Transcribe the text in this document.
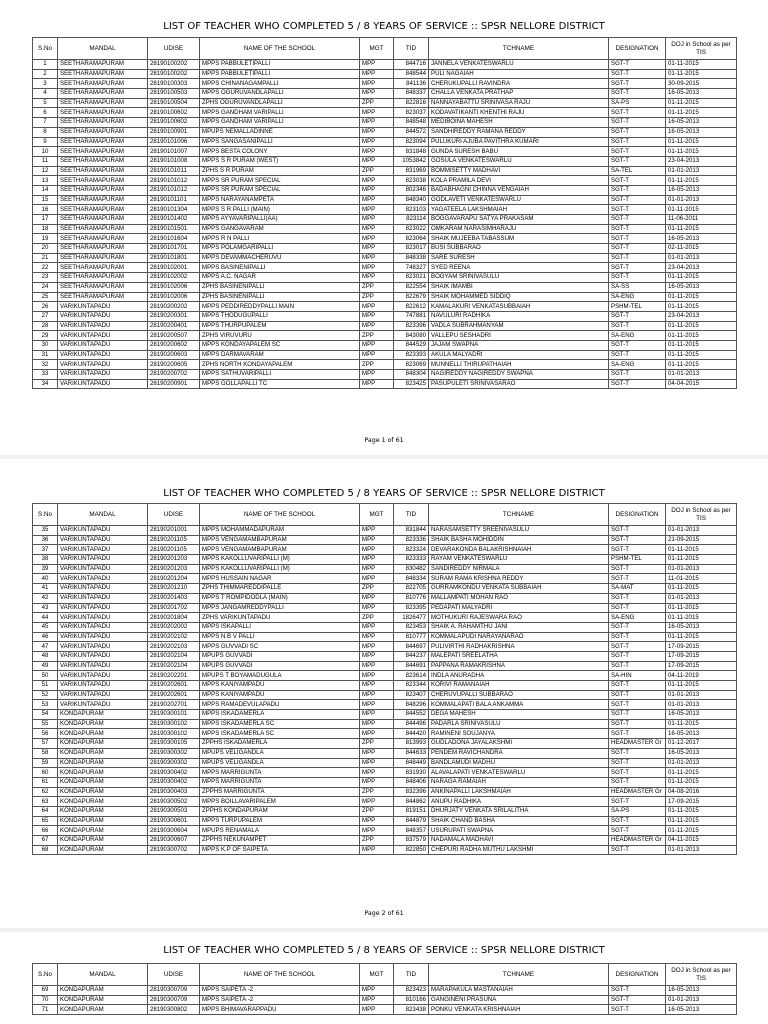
LIST OF TEACHER WHO COMPLETED 5 / 8 YEARS OF SERVICE :: SPSR NELLORE DISTRICT
S.No	MANDAL	UDISE	NAME OF THE SCHOOL	MGT	TID	TCHNAME	DESIGNATION	DOJ in School as per TIS
1	SEETHARAMAPURAM	28190100202	MPPS PABBULETIPALLI	MPP	844716	JANNELA VENKATESWARLU	SGT-T	01-11-2015
2	SEETHARAMAPURAM	28190100202	MPPS PABBULETIPALLI	MPP	848544	PULI NAGAIAH	SGT-T	01-11-2015
3	SEETHARAMAPURAM	28190100303	MPPS CHINANAGAMPALLI	MPP	841136	CHERUKUPALLI RAVINDRA	SGT-T	30-09-2015
4	SEETHARAMAPURAM	28190100503	MPPS OGURUVANDLAPALLI	MPP	848337	CHALLA VENKATA PRATHAP	SGT-T	16-05-2013
5	SEETHARAMAPURAM	28190100504	ZPHS OGURUVANDLAPALLI	ZPP	822816	NANNAYABATTU SRINIVASA RAJU	SA-PS	01-11-2015
6	SEETHARAMAPURAM	28190100602	MPPS GANDHAM VARIPALLI	MPP	823037	KODAVATIKANTI KHENTHI RAJU	SGT-T	01-11-2015
7	SEETHARAMAPURAM	28190100602	MPPS GANDHAM VARIPALLI	MPP	848548	MEDIBOINA MAHESH	SGT-T	16-05-2013
8	SEETHARAMAPURAM	28190100901	MPUPS NEMALLADINNE	MPP	844572	SANDHIREDDY RAMANA REDDY	SGT-T	16-05-2013
9	SEETHARAMAPURAM	28190101006	MPPS SANGASANIPALLI	MPP	823094	PULUKURI AJUBA PAVITHRA KUMARI	SGT-T	01-11-2015
10	SEETHARAMAPURAM	28190101007	MPPS BESTA COLONY	MPP	831848	GUNDA SURESH BABU	SGT-T	01-11-2015
11	SEETHARAMAPURAM	28190101008	MPPS S R PURAM (WEST)	MPP	1053842	GOSULA VENKATESWARLU	SGT-T	23-04-2013
12	SEETHARAMAPURAM	28190101011	ZPHS S R PURAM	ZPP	831969	BOMMISETTY MADHAVI	SA-TEL	01-01-2013
13	SEETHARAMAPURAM	28190101012	MPPS SR PURAM SPECIAL	MPP	823038	KOLA PRAMILA DEVI	SGT-T	01-11-2015
14	SEETHARAMAPURAM	28190101012	MPPS SR PURAM SPECIAL	MPP	802346	BADABHAGNI CHINNA VENGAIAH	SGT-T	16-05-2013
15	SEETHARAMAPURAM	28190101101	MPPS NARAYANAMPETA	MPP	848340	GODLAVETI VENKATESWARLU	SGT-T	01-01-2013
16	SEETHARAMAPURAM	28190101304	MPPS S R PALLI (MAIN)	MPP	823103	YAGATEELA LAKSHMAIAH	SGT-T	01-11-2015
17	SEETHARAMAPURAM	28190101402	MPPS AYYAVARIPALLI(AA)	MPP	823114	BOGGAVARAPU SATYA PRAKASAM	SGT-T	11-06-2011
18	SEETHARAMAPURAM	28190101501	MPPS GANGAVARAM	MPP	823022	OMKARAM NARASIMHARAJU	SGT-T	01-11-2015
19	SEETHARAMAPURAM	28190101604	MPPS R N PALLI	MPP	823064	SHAIK MUJEEBA TABASSUM	SGT-T	16-05-2013
20	SEETHARAMAPURAM	28190101701	MPPS POLAMGARIPALLI	MPP	823017	BUSI SUBBARAO	SGT-T	02-11-2015
21	SEETHARAMAPURAM	28190101801	MPPS DEVAMMACHERUVU	MPP	848338	SARE SURESH	SGT-T	01-01-2013
22	SEETHARAMAPURAM	28190102001	MPPS BASINENIPALLI	MPP	748327	SYED REENA	SGT-T	23-04-2013
23	SEETHARAMAPURAM	28190102002	MPPS A.C. NAGAR	MPP	823021	BOGYAM SRINIVASULU	SGT-T	01-11-2015
24	SEETHARAMAPURAM	28190102006	ZPHS BASINENIPALLI	ZPP	822554	SHAIK IMAMBI	SA-SS	16-05-2013
25	SEETHARAMAPURAM	28190102006	ZPHS BASINENIPALLI	ZPP	822679	SHAIK MOHAMMED SIDDIQ	SA-ENG	01-11-2015
26	VARIKUNTAPADU	28190200202	MPPS PEDDIREDDYPALLI MAIN	MPP	822612	KAMALAKURI VENKATASUBBAIAH	PSHM-TEL	01-11-2015
27	VARIKUNTAPADU	28190200301	MPPS THODUGUPALLI	MPP	747881	NAVULURI RADHIKA	SGT-T	23-04-2013
28	VARIKUNTAPADU	28190200401	MPPS THURPUPALEM	MPP	823396	VADLA SUBRAHMANYAM	SGT-T	01-11-2015
29	VARIKUNTAPADU	28190200507	ZPHS VIRUVURU	ZPP	843080	VALLEPU SESHADRI	SA-ENG	01-11-2015
30	VARIKUNTAPADU	28190200602	MPPS KONDAYAPALEM SC	MPP	844529	JAJAM SWAPNA	SGT-T	01-11-2015
31	VARIKUNTAPADU	28190200603	MPPS DARMAVARAM	MPP	823393	AKULA MALYADRI	SGT-T	01-11-2015
32	VARIKUNTAPADU	28190200605	ZPHS NORTH KONDAYAPALEM	ZPP	823069	MUNNELLI THIRUPATHAIAH	SA-ENG	01-11-2015
33	VARIKUNTAPADU	28190200702	MPPS SATHUVARIPALLI	MPP	848304	NAGIREDDY NAGIREDDY SWAPNA	SGT-T	01-01-2013
34	VARIKUNTAPADU	28190200901	MPPS GOLLAPALLI TC	MPP	823425	PASUPULETI SRINIVASARAO	SGT-T	04-04-2015
Page 1 of 61
LIST OF TEACHER WHO COMPLETED 5 / 8 YEARS OF SERVICE :: SPSR NELLORE DISTRICT
S.No	MANDAL	UDISE	NAME OF THE SCHOOL	MGT	TID	TCHNAME	DESIGNATION	DOJ in School as per TIS
35	VARIKUNTAPADU	28190201001	MPPS MOHAMMADAPURAM	MPP	831844	NARASAMSETTY SREENIVASULU	SGT-T	01-01-2013
36	VARIKUNTAPADU	28190201105	MPPS VENGAMAMBAPURAM	MPP	823336	SHAIK BASHA MOHIDDIN	SGT-T	21-09-2015
37	VARIKUNTAPADU	28190201105	MPPS VENGAMAMBAPURAM	MPP	823324	DEVARAKONDA BALAKRISHNAIAH	SGT-T	01-11-2015
38	VARIKUNTAPADU	28190201203	MPPS KAKOLLUVARIPALLI (M)	MPP	823333	RAYAM VENKATESWARLU	PSHM-TEL	01-11-2015
39	VARIKUNTAPADU	28190201203	MPPS KAKOLLUVARIPALLI (M)	MPP	830482	SANDIREDDY NIRMALA	SGT-T	01-01-2013
40	VARIKUNTAPADU	28190201204	MPPS HUSSAIN NAGAR	MPP	848334	SURAM RAMA KRISHNA REDDY	SGT-T	11-01-2015
41	VARIKUNTAPADU	28190201210	ZPHS THIMMAREDDIPALLE	ZPP	822705	GURRAMKONDU VENKATA SUBBAIAH	SA-MAT	01-11-2015
42	VARIKUNTAPADU	28190201403	MPPS T ROMPIDODLA (MAIN)	MPP	810776	MALLAMPATI MOHAN RAO	SGT-T	01-01-2013
43	VARIKUNTAPADU	28190201702	MPPS JANGAMREDDYPALLI	MPP	823395	PEDAPATI MALYADRI	SGT-T	01-11-2015
44	VARIKUNTAPADU	28190201804	ZPHS VARIKUNTAPADU	ZPP	1826477	MOTHUKURI RAJESWARA RAO	SA-ENG	01-11-2015
45	VARIKUNTAPADU	28190202002	MPPS ISKAPALLI	MPP	823453	SHAIK A. RAHAMTHU JANI	SGT-T	16-05-2013
46	VARIKUNTAPADU	28190202102	MPPS N B V PALLI	MPP	810777	KOMMALAPUDI NARAYANARAO	SGT-T	01-11-2015
47	VARIKUNTAPADU	28190202103	MPPS GUVVADI SC	MPP	844697	PULIVIRTHI RADHAKRISHNA	SGT-T	17-09-2015
48	VARIKUNTAPADU	28190202104	MPUPS GUVVADI	MPP	844237	MALEPATI SREELATHA	SGT-T	17-09-2015
49	VARIKUNTAPADU	28190202104	MPUPS GUVVADI	MPP	844691	PAPPANA RAMAKRISHNA	SGT-T	17-09-2015
50	VARIKUNTAPADU	28190202201	MPUPS T BOYAMADUGULA	MPP	823614	INDLA ANURADHA	SA-HIN	04-11-2019
51	VARIKUNTAPADU	28190202601	MPPS KANIYAMPADU	MPP	823344	KORIVI RAMANAIAH	SGT-T	01-11-2015
52	VARIKUNTAPADU	28190202601	MPPS KANIYAMPADU	MPP	823407	CHERUVUPALLI SUBBARAO	SGT-T	01-01-2013
53	VARIKUNTAPADU	28190202701	MPPS RAMADEVULAPADU	MPP	848296	KOMMALAPATI BALA ANKAMMA	SGT-T	01-01-2013
54	KONDAPURAM	28190300101	MPPS ISKADAMERLA	MPP	844552	DEGA MAHESH	SGT-T	16-05-2013
55	KONDAPURAM	28190300102	MPPS ISKADAMERLA SC	MPP	844496	PADARLA SRINIVASULU	SGT-T	01-11-2015
56	KONDAPURAM	28190300102	MPPS ISKADAMERLA SC	MPP	844420	RAMINENI SOUJANYA	SGT-T	16-05-2013
57	KONDAPURAM	28190300105	ZPPHS ISKADAMERLA	ZPP	813993	GUDLADONA JAYALAKSHMI	HEADMASTER Gr	01-12-2017
58	KONDAPURAM	28190300302	MPUPS VELIGANDLA	MPP	844633	PENDEM RAVICHANDRA	SGT-T	16-05-2013
59	KONDAPURAM	28190300302	MPUPS VELIGANDLA	MPP	848449	BANDLAMUDI MADHU	SGT-T	01-01-2013
60	KONDAPURAM	28190300402	MPPS MARRIGUNTA	MPP	831930	ALAVALAPATI VENKATESWARLU	SGT-T	01-11-2015
61	KONDAPURAM	28190300402	MPPS MARRIGUNTA	MPP	848406	NARAGA RAMAIAH	SGT-T	01-11-2015
62	KONDAPURAM	28190300403	ZPPHS MARRIGUNTA	ZPP	832396	ANKINAPALLI LAKSHMAIAH	HEADMASTER Gr	04-08-2016
63	KONDAPURAM	28190300502	MPPS BOILLAVARIPALEM	MPP	844862	ANUPU RADHIKA	SGT-T	17-09-2015
64	KONDAPURAM	28190300503	ZPPHS KONDAPURAM	ZPP	819151	DHURJATY VENKATA SRILALITHA	SA-PS	01-11-2015
65	KONDAPURAM	28190300601	MPPS TURPUPALEM	MPP	844879	SHAIK CHAND BASHA	SGT-T	01-11-2015
66	KONDAPURAM	28190300604	MPUPS RENAMALA	MPP	848357	USURUPATI SWAPNA	SGT-T	01-11-2015
67	KONDAPURAM	28190300607	ZPPHS NEKUNAMPET	ZPP	837579	NADAMALA MADHAVI	HEADMASTER Gr	04-11-2015
68	KONDAPURAM	28190300702	MPPS K.P OF SAIPETA	MPP	822850	CHEPURI RADHA MUTHU LAKSHMI	SGT-T	01-01-2013
Page 2 of 61
LIST OF TEACHER WHO COMPLETED 5 / 8 YEARS OF SERVICE :: SPSR NELLORE DISTRICT
S.No	MANDAL	UDISE	NAME OF THE SCHOOL	MGT	TID	TCHNAME	DESIGNATION	DOJ in School as per TIS
69	KONDAPURAM	28190300709	MPPS SAIPETA -2	MPP	823423	MARAPAKULA MASTANAIAH	SGT-T	16-05-2013
70	KONDAPURAM	28190300709	MPPS SAIPETA -2	MPP	810166	GANGINENI PRASUNA	SGT-T	01-01-2013
71	KONDAPURAM	28190300802	MPPS BHIMAVARAPPADU	MPP	823438	PONKU VENKATA KRISHNAIAH	SGT-T	16-05-2013
